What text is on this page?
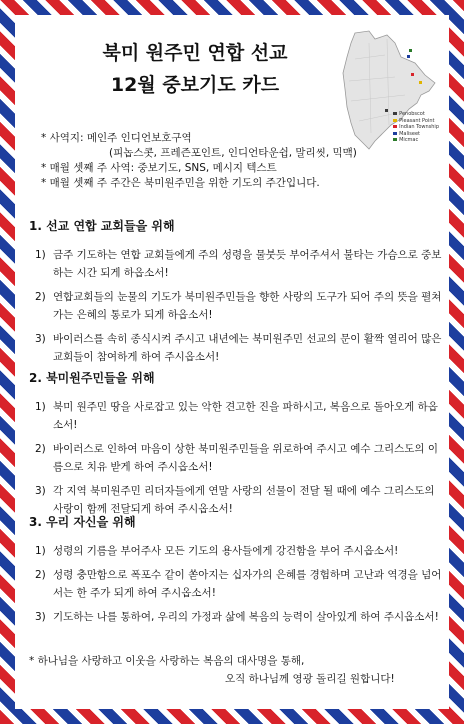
북미 원주민 연합 선교
12월 중보기도 카드
Penobscot
Pleasant Point
Indian Township
Maliseet
Micmac
* 사역지: 메인주 인디언보호구역
(피놉스콧, 프레즌포인트, 인디언타운쉽, 말리씻, 믹맥)
* 매월 셋째 주 사역: 중보기도, SNS, 메시지 텍스트
* 매월 셋째 주 주간은 북미원주민을 위한 기도의 주간입니다.
1. 선교 연합 교회들을 위해
1) 금주 기도하는 연합 교회들에게 주의 성령을 물붓듯 부어주셔서 불타는 가슴으로 중보하는 시간 되게 하옵소서!
2) 연합교회들의 눈물의 기도가 북미원주민들을 향한 사랑의 도구가 되어 주의 뜻을 펼쳐가는 은혜의 통로가 되게 하옵소서!
3) 바이러스를 속히 종식시켜 주시고 내년에는 북미원주민 선교의 문이 활짝 열리어 많은 교회들이 참여하게 하여 주시옵소서!
2. 북미원주민들을 위해
1) 북미 원주민 땅을 사로잡고 있는 악한 견고한 진을 파하시고, 복음으로 돌아오게 하옵소서!
2) 바이러스로 인하여 마음이 상한 북미원주민들을 위로하여 주시고 예수 그리스도의 이름으로 치유 받게 하여 주시옵소서!
3) 각 지역 북미원주민 리더자들에게 연말 사랑의 선물이 전달 될 때에 예수 그리스도의 사랑이 함께 전달되게 하여 주시옵소서!
3. 우리 자신을 위해
1) 성령의 기름을 부어주사 모든 기도의 용사들에게 강건함을 부어 주시옵소서!
2) 성령 충만함으로 폭포수 같이 쏟아지는 십자가의 은혜를 경험하며 고난과 역경을 넘어서는 한 주가 되게 하여 주시옵소서!
3) 기도하는 나를 통하여, 우리의 가정과 삶에 복음의 능력이 살아있게 하여 주시옵소서!
* 하나님을 사랑하고 이웃을 사랑하는 복음의 대사명을 통해,
오직 하나님께 영광 돌리길 원합니다!
